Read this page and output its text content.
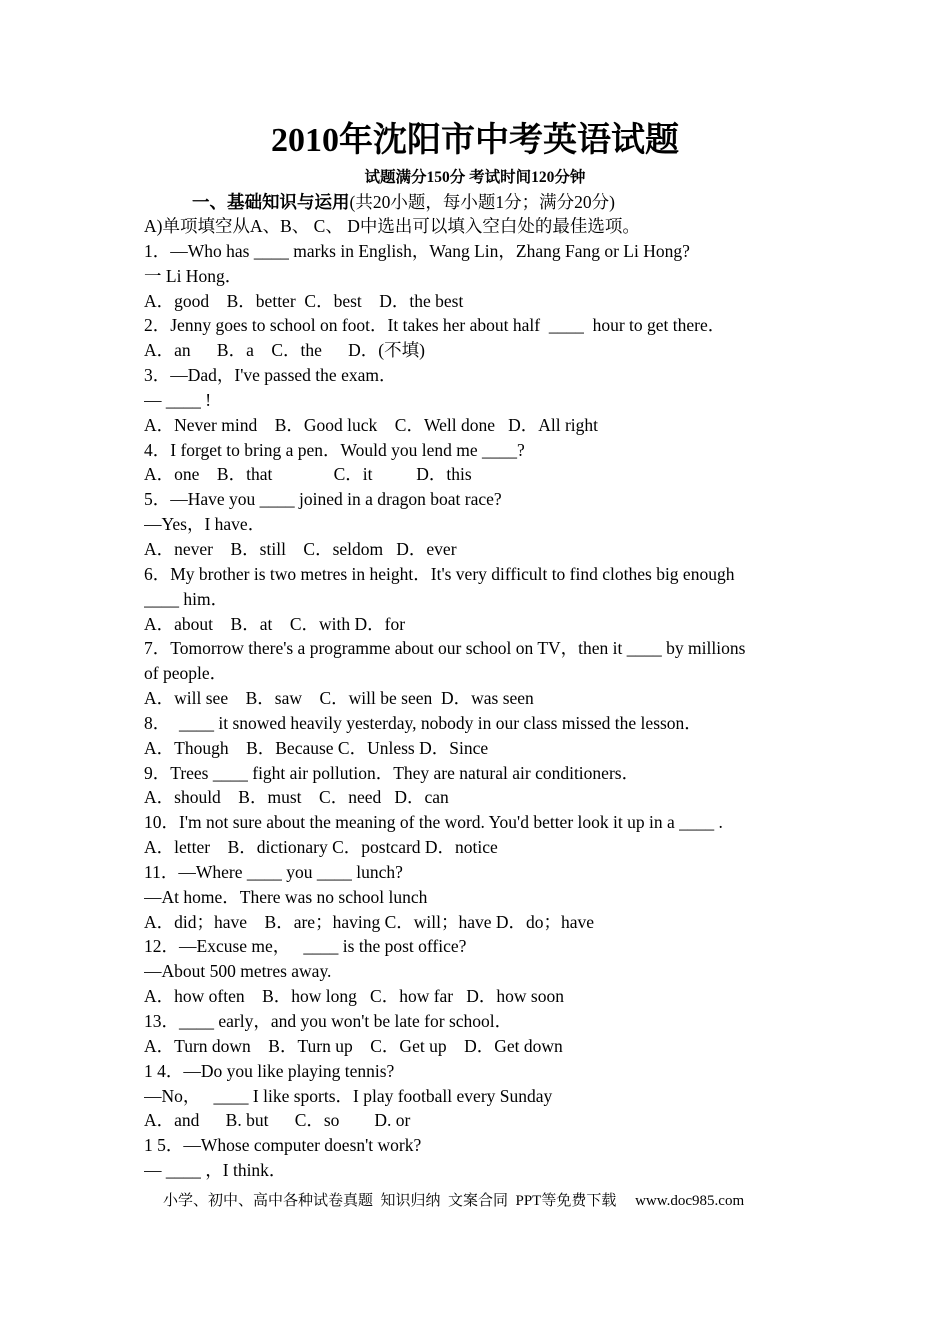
2010年沈阳市中考英语试题
试题满分150分 考试时间120分钟
一、基础知识与运用(共20小题，每小题1分；满分20分)
A)单项填空从A、B、 C、 D中选出可以填入空白处的最佳选项。
1．—Who has ____ marks in English，Wang Lin，Zhang Fang or Li Hong?
一 Li Hong．
A．good    B．better  C．best    D．the best
2．Jenny goes to school on foot．It takes her about half  ____  hour to get there．
A．an      B．a    C．the      D．(不填)
3．—Dad，I've passed the exam．
— ____ !
A．Never mind    B．Good luck    C．Well done   D．All right
4．I forget to bring a pen．Would you lend me ____?
A．one    B．that              C．it          D．this
5．—Have you ____ joined in a dragon boat race?
—Yes，I have．
A．never    B．still    C．seldom   D．ever
6．My brother is two metres in height．It's very difficult to find clothes big enough
____ him．
A．about    B．at    C．with D．for
7．Tomorrow there's a programme about our school on TV，then it ____ by millions
of people．
A．will see    B．saw    C．will be seen  D．was seen
8．  ____ it snowed heavily yesterday, nobody in our class missed the lesson．
A．Though    B．Because C．Unless D．Since
9．Trees ____ fight air pollution．They are natural air conditioners．
A．should    B．must    C．need   D．can
10．I'm not sure about the meaning of the word. You'd better look it up in a ____ .
A．letter    B．dictionary C．postcard D．notice
11．—Where ____ you ____ lunch?
—At home．There was no school lunch
A．did；have    B．are；having C．will；have D．do；have
12．—Excuse me，   ____ is the post office?
—About 500 metres away.
A．how often    B．how long   C．how far   D．how soon
13．____ early，and you won't be late for school．
A．Turn down    B．Turn up    C．Get up    D．Get down
1 4．—Do you like playing tennis?
—No，   ____ I like sports．I play football every Sunday
A．and      B. but      C．so        D. or
1 5．—Whose computer doesn't work?
— ____ ，I think．
小学、初中、高中各种试卷真题  知识归纳  文案合同  PPT等免费下载     www.doc985.com
